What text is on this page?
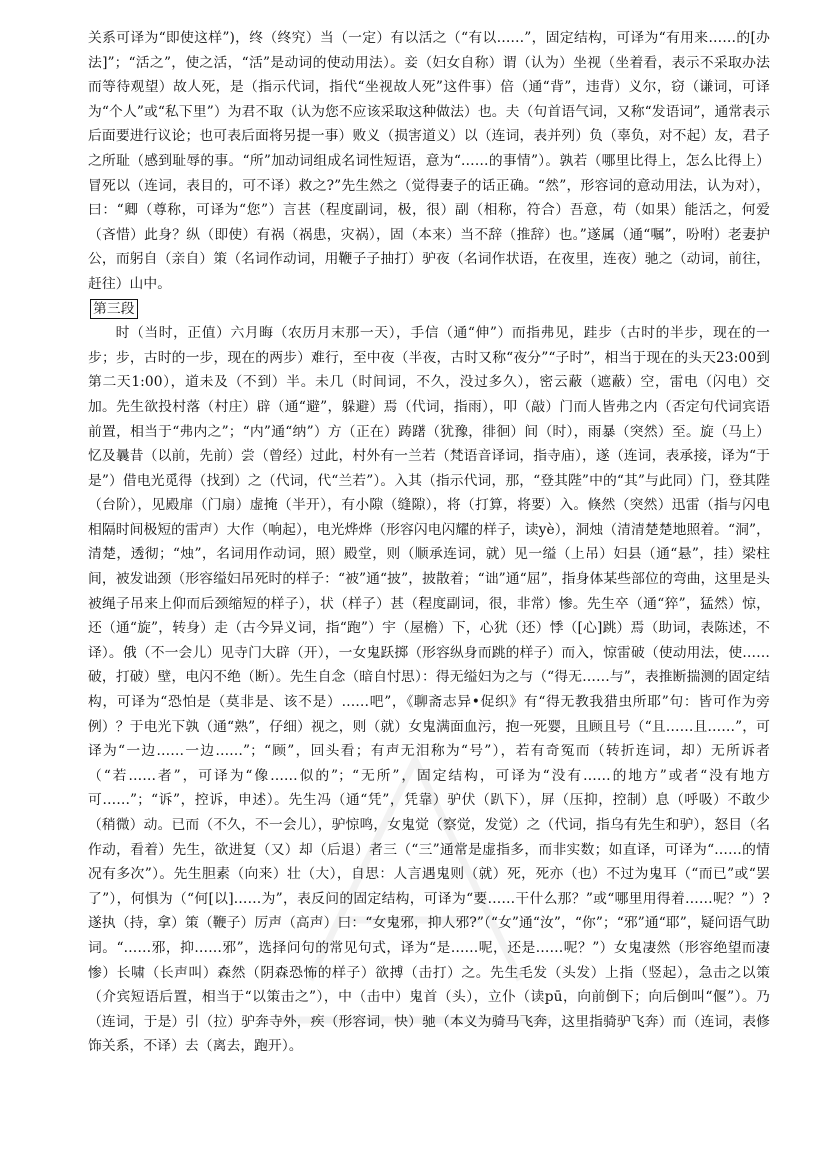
关系可译为“即使这样”)，终（终究）当（一定）有以活之（“有以……”，固定结构，可译为“有用来……的[办法]”；“活之”，使之活，“活”是动词的使动用法）。妾（妇女自称）谓（认为）坐视（坐着看，表示不采取办法而等待观望）故人死，是（指示代词，指代“坐视故人死”这件事）倍（通“背”，违背）义尔，窃（谦词，可译为“个人”或“私下里”）为君不取（认为您不应该采取这种做法）也。夫（句首语气词，又称“发语词”，通常表示后面要进行议论；也可表后面将另提一事）败义（损害道义）以（连词，表并列）负（辜负，对不起）友，君子之所耻（感到耻辱的事。“所”加动词组成名词性短语，意为“……的事情”）。孰若（哪里比得上，怎么比得上）冒死以（连词，表目的，可不译）救之?”先生然之（觉得妻子的话正确。“然”，形容词的意动用法，认为对），曰：“卿（尊称，可译为“您”）言甚（程度副词，极，很）副（相称，符合）吾意，苟（如果）能活之，何爱（吝惜）此身？纵（即使）有祸（祸患，灾祸），固（本来）当不辞（推辞）也。”遂属（通“嘱”，吩咐）老妻护公，而躬自（亲自）策（名词作动词，用鞭子子抽打）驴夜（名词作状语，在夜里，连夜）驰之（动词，前往，赶往）山中。

第三段

时（当时，正值）六月晦（农历月末那一天），手信（通“伸”）而指弗见，跬步（古时的半步，现在的一步；步，古时的一步，现在的两步）难行，至中夜（半夜，古时又称“夜分”“子时”，相当于现在的头天23:00到第二天1:00），道未及（不到）半。未几（时间词，不久，没过多久），密云蔽（遮蔽）空，雷电（闪电）交加。先生欲投村落（村庄）辟（通“避”，躲避）焉（代词，指雨），叩（敲）门而人皆弗之内（否定句代词宾语前置，相当于“弗内之”；“内”通“纳”）方（正在）踌躇（犹豫，徘徊）间（时），雨暴（突然）至。旋（马上）忆及曩昔（以前，先前）尝（曾经）过此，村外有一兰若（梵语音译词，指寺庙），遂（连词，表承接，译为“于是”）借电光觅得（找到）之（代词，代“兰若”）。入其（指示代词，那，“登其陛”中的“其”与此同）门，登其陛（台阶），见殿扉（门扇）虚掩（半开），有小隙（缝隙），将（打算，将要）入。倏然（突然）迅雷（指与闪电相隔时间极短的雷声）大作（响起），电光烨烨（形容闪电闪耀的样子，读yè），洞烛（清清楚楚地照着。“洞”，清楚，透彻；“烛”，名词用作动词，照）殿堂，则（顺承连词，就）见一缢（上吊）妇县（通“悬”，挂）梁柱间，被发诎颈（形容缢妇吊死时的样子：“被”通“披”，披散着；“诎”通“屈”，指身体某些部位的弯曲，这里是头被绳子吊来上仰而后颈缩短的样子），状（样子）甚（程度副词，很，非常）惨。先生卒（通“猝”，猛然）惊，还（通“旋”，转身）走（古今异义词，指“跑”）宇（屋檐）下，心犹（还）悸（[心]跳）焉（助词，表陈述，不译）。俄（不一会儿）见寺门大辟（开），一女鬼跃掷（形容纵身而跳的样子）而入，惊雷破（使动用法，使……破，打破）壁，电闪不绝（断）。先生自念（暗自忖思）：得无缢妇为之与（“得无……与”，表推断揣测的固定结构，可译为“恐怕是（莫非是、该不是）……吧”，《聊斋志异•促织》有“得无教我猎虫所耶”句：皆可作为旁例）？于电光下孰（通“熟”，仔细）视之，则（就）女鬼满面血污，抱一死婴，且顾且号（“且……且……”，可译为“一边……一边……”；“顾”，回头看；有声无泪称为“号”），若有奇冤而（转折连词，却）无所诉者（“若……者”，可译为“像……似的”；“无所”，固定结构，可译为“没有……的地方”或者“没有地方可……”；“诉”，控诉，申述）。先生冯（通“凭”，凭靠）驴伏（趴下），屏（压抑，控制）息（呼吸）不敢少（稍微）动。已而（不久，不一会儿），驴惊鸣，女鬼觉（察觉，发觉）之（代词，指乌有先生和驴），怒目（名作动，看着）先生，欲进复（又）却（后退）者三（“三”通常是虚指多，而非实数；如直译，可译为“……的情况有多次”）。先生胆素（向来）壮（大），自思：人言遇鬼则（就）死，死亦（也）不过为鬼耳（“而已”或“罢了”），何惧为（“何[以]……为”，表反问的固定结构，可译为“要……干什么那？”或“哪里用得着……呢？”）?遂执（持，拿）策（鞭子）厉声（高声）曰：“女鬼邪，抑人邪?”（“女”通“汝”，“你”；“邪”通“耶”，疑问语气助词。“……邪，抑……邪”，选择问句的常见句式，译为“是……呢，还是……呢？”）女鬼凄然（形容绝望而凄惨）长啸（长声叫）森然（阴森恐怖的样子）欲搏（击打）之。先生毛发（头发）上指（竖起），急击之以策（介宾短语后置，相当于“以策击之”），中（击中）鬼首（头），立仆（读pū，向前倒下；向后倒叫“偃”）。乃（连词，于是）引（拉）驴奔寺外，疾（形容词，快）驰（本义为骑马飞奔，这里指骑驴飞奔）而（连词，表修饰关系，不译）去（离去，跑开）。
